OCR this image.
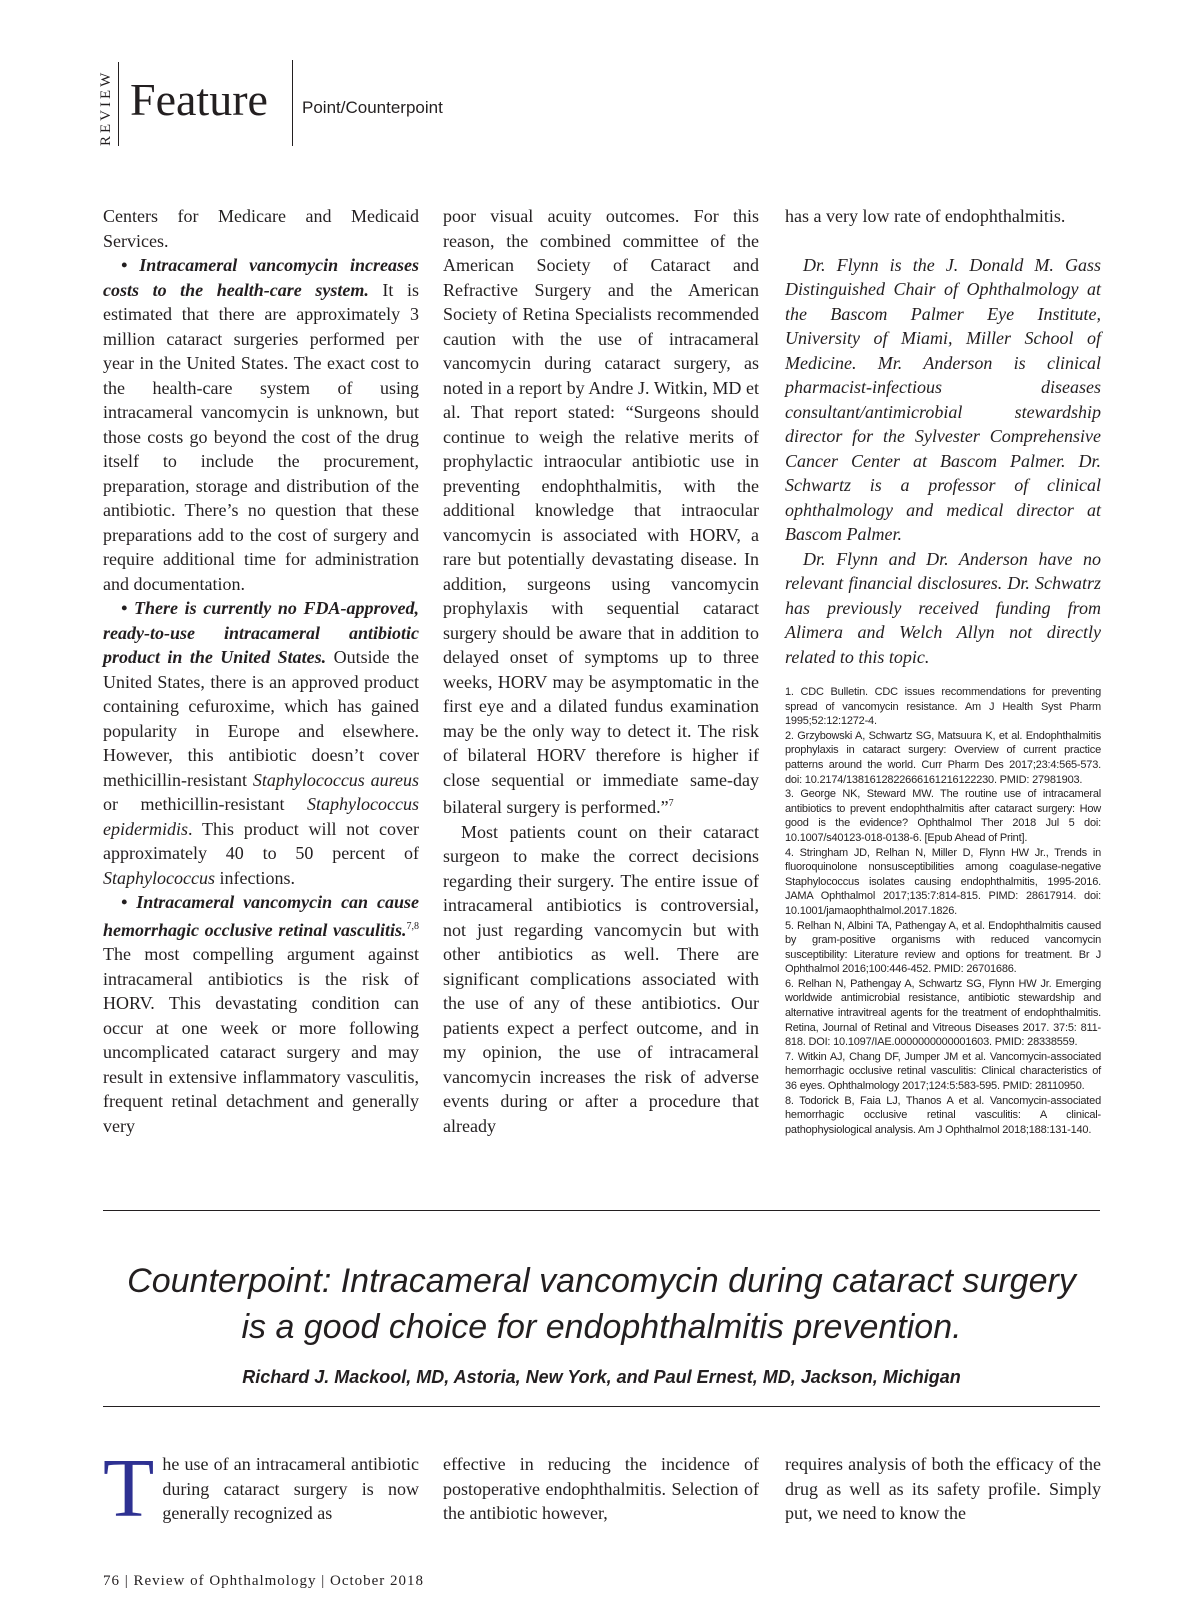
REVIEW Feature Point/Counterpoint

Centers for Medicare and Medicaid Services.

• Intracameral vancomycin increases costs to the health-care system. It is estimated that there are approximately 3 million cataract surgeries performed per year in the United States. The exact cost to the health-care system of using intracameral vancomycin is unknown, but those costs go beyond the cost of the drug itself to include the procurement, preparation, storage and distribution of the antibiotic. There’s no question that these preparations add to the cost of surgery and require additional time for administration and documentation.

• There is currently no FDA-approved, ready-to-use intracameral antibiotic product in the United States. Outside the United States, there is an approved product containing cefuroxime, which has gained popularity in Europe and elsewhere. However, this antibiotic doesn’t cover methicillin-resistant Staphylococcus aureus or methicillin-resistant Staphylococcus epidermidis. This product will not cover approximately 40 to 50 percent of Staphylococcus infections.

• Intracameral vancomycin can cause hemorrhagic occlusive retinal vasculitis.$^{7,8}$ The most compelling argument against intracameral antibiotics is the risk of HORV. This devastating condition can occur at one week or more following uncomplicated cataract surgery and may result in extensive inflammatory vasculitis, frequent retinal detachment and generally very

poor visual acuity outcomes. For this reason, the combined committee of the American Society of Cataract and Refractive Surgery and the American Society of Retina Specialists recommended caution with the use of intracameral vancomycin during cataract surgery, as noted in a report by Andre J. Witkin, MD et al. That report stated: “Surgeons should continue to weigh the relative merits of prophylactic intraocular antibiotic use in preventing endophthalmitis, with the additional knowledge that intraocular vancomycin is associated with HORV, a rare but potentially devastating disease. In addition, surgeons using vancomycin prophylaxis with sequential cataract surgery should be aware that in addition to delayed onset of symptoms up to three weeks, HORV may be asymptomatic in the first eye and a dilated fundus examination may be the only way to detect it. The risk of bilateral HORV therefore is higher if close sequential or immediate same-day bilateral surgery is performed.”$^7$

Most patients count on their cataract surgeon to make the correct decisions regarding their surgery. The entire issue of intracameral antibiotics is controversial, not just regarding vancomycin but with other antibiotics as well. There are significant complications associated with the use of any of these antibiotics. Our patients expect a perfect outcome, and in my opinion, the use of intracameral vancomycin increases the risk of adverse events during or after a procedure that already

has a very low rate of endophthalmitis.

Dr. Flynn is the J. Donald M. Gass Distinguished Chair of Ophthalmology at the Bascom Palmer Eye Institute, University of Miami, Miller School of Medicine. Mr. Anderson is clinical pharmacist-infectious diseases consultant/antimicrobial stewardship director for the Sylvester Comprehensive Cancer Center at Bascom Palmer. Dr. Schwartz is a professor of clinical ophthalmology and medical director at Bascom Palmer.

Dr. Flynn and Dr. Anderson have no relevant financial disclosures. Dr. Schwatrz has previously received funding from Alimera and Welch Allyn not directly related to this topic.

1. CDC Bulletin. CDC issues recommendations for preventing spread of vancomycin resistance. Am J Health Syst Pharm 1995;52:12:1272-4.

2. Grzybowski A, Schwartz SG, Matsuura K, et al. Endophthalmitis prophylaxis in cataract surgery: Overview of current practice patterns around the world. Curr Pharm Des 2017;23:4:565-573. doi: 10.2174/1381612822666161216122230. PMID: 27981903.

3. George NK, Steward MW. The routine use of intracameral antibiotics to prevent endophthalmitis after cataract surgery: How good is the evidence? Ophthalmol Ther 2018 Jul 5 doi: 10.1007/s40123-018-0138-6. [Epub Ahead of Print].

4. Stringham JD, Relhan N, Miller D, Flynn HW Jr., Trends in fluoroquinolone nonsusceptibilities among coagulase-negative Staphylococcus isolates causing endophthalmitis, 1995-2016. JAMA Ophthalmol 2017;135:7:814-815. PIMD: 28617914. doi: 10.1001/jamaophthalmol.2017.1826.

5. Relhan N, Albini TA, Pathengay A, et al. Endophthalmitis caused by gram-positive organisms with reduced vancomycin susceptibility: Literature review and options for treatment. Br J Ophthalmol 2016;100:446-452. PMID: 26701686.

6. Relhan N, Pathengay A, Schwartz SG, Flynn HW Jr. Emerging worldwide antimicrobial resistance, antibiotic stewardship and alternative intravitreal agents for the treatment of endophthalmitis. Retina, Journal of Retinal and Vitreous Diseases 2017. 37:5: 811-818. DOI: 10.1097/IAE.0000000000001603. PMID: 28338559.

7. Witkin AJ, Chang DF, Jumper JM et al. Vancomycin-associated hemorrhagic occlusive retinal vasculitis: Clinical characteristics of 36 eyes. Ophthalmology 2017;124:5:583-595. PMID: 28110950.

8. Todorick B, Faia LJ, Thanos A et al. Vancomycin-associated hemorrhagic occlusive retinal vasculitis: A clinical-pathophysiological analysis. Am J Ophthalmol 2018;188:131-140.

Counterpoint: Intracameral vancomycin during cataract surgery
is a good choice for endophthalmitis prevention.
Richard J. Mackool, MD, Astoria, New York, and Paul Ernest, MD, Jackson, Michigan
The use of an intracameral antibiotic during cataract surgery is now generally recognized as
effective in reducing the incidence of postoperative endophthalmitis. Selection of the antibiotic however,
requires analysis of both the efficacy of the drug as well as its safety profile. Simply put, we need to know the
76 | Review of Ophthalmology | October 2018
